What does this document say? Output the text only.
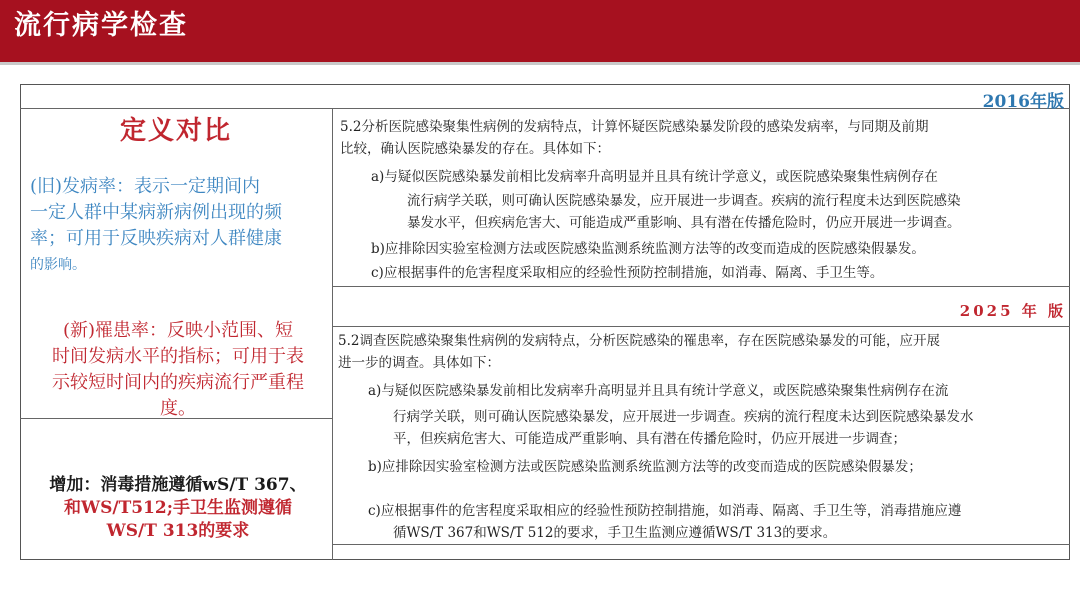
流行病学检查
2016年版
2025 年 版
定义对比
(旧)发病率：表示一定期间内
一定人群中某病新病例出现的频
率；可用于反映疾病对人群健康
的影响。
(新)罹患率：反映小范围、短
时间发病水平的指标；可用于表
示较短时间内的疾病流行严重程
度。
增加：消毒措施遵循wS/T 367、
和WS/T512;手卫生监测遵循
WS/T 313的要求
5.2分析医院感染聚集性病例的发病特点，计算怀疑医院感染暴发阶段的感染发病率，与同期及前期
比较，确认医院感染暴发的存在。具体如下：
a)与疑似医院感染暴发前相比发病率升高明显并且具有统计学意义，或医院感染聚集性病例存在
流行病学关联，则可确认医院感染暴发，应开展进一步调查。疾病的流行程度未达到医院感染
暴发水平，但疾病危害大、可能造成严重影响、具有潜在传播危险时，仍应开展进一步调查。
b)应排除因实验室检测方法或医院感染监测系统监测方法等的改变而造成的医院感染假暴发。
c)应根据事件的危害程度采取相应的经验性预防控制措施，如消毒、隔离、手卫生等。
5.2调查医院感染聚集性病例的发病特点，分析医院感染的罹患率，存在医院感染暴发的可能，应开展
进一步的调查。具体如下：
a)与疑似医院感染暴发前相比发病率升高明显并且具有统计学意义，或医院感染聚集性病例存在流
行病学关联，则可确认医院感染暴发，应开展进一步调查。疾病的流行程度未达到医院感染暴发水
平，但疾病危害大、可能造成严重影响、具有潜在传播危险时，仍应开展进一步调查；
b)应排除因实验室检测方法或医院感染监测系统监测方法等的改变而造成的医院感染假暴发；
c)应根据事件的危害程度采取相应的经验性预防控制措施，如消毒、隔离、手卫生等，消毒措施应遵
循WS/T 367和WS/T 512的要求，手卫生监测应遵循WS/T 313的要求。
